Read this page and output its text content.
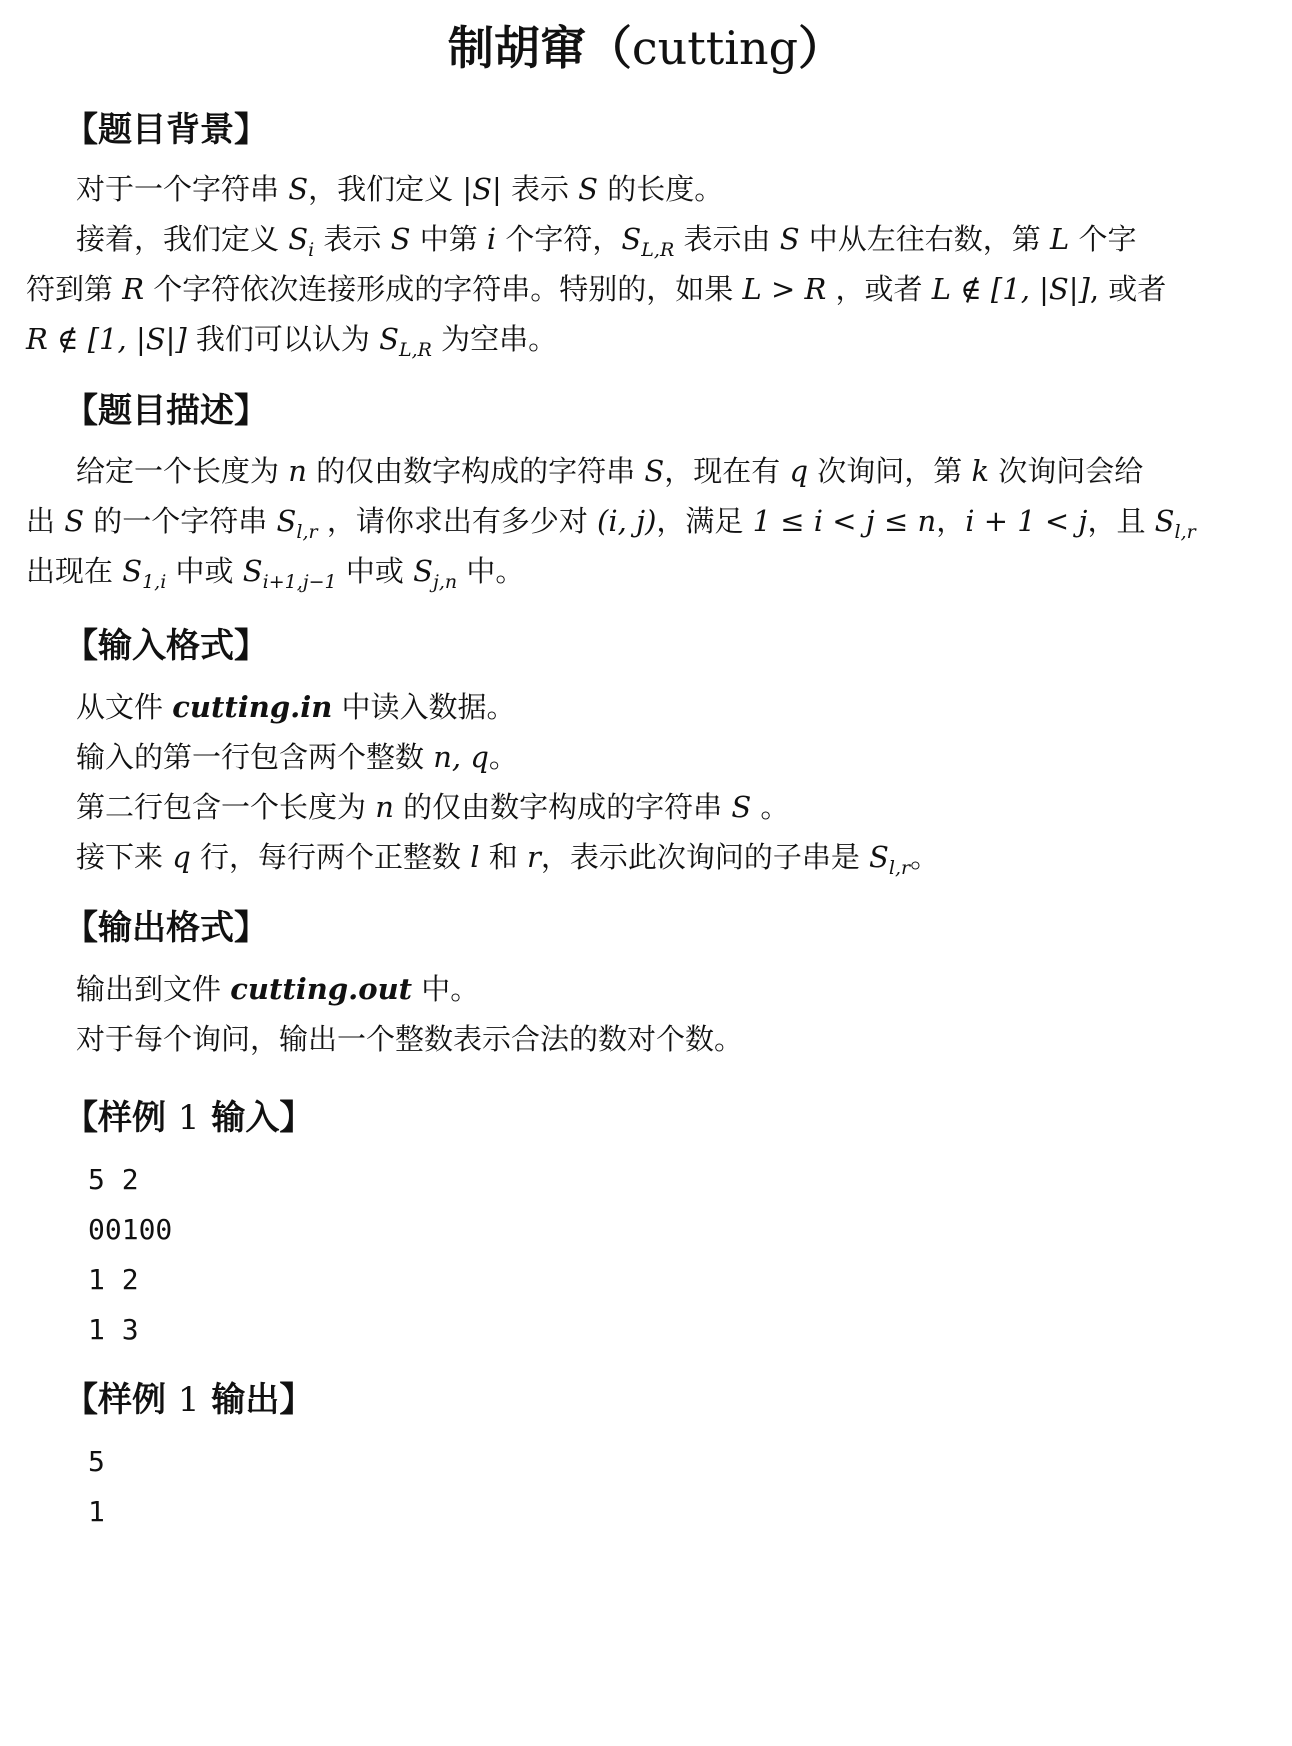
制胡窜（cutting）
【题目背景】
对于一个字符串 S，我们定义 |S| 表示 S 的长度。
接着，我们定义 $S_i$ 表示 S 中第 i 个字符，$S_{L,R}$ 表示由 S 中从左往右数，第 L 个字
符到第 R 个字符依次连接形成的字符串。特别的，如果 L > R ，或者 L ∉ [1, |S|], 或者
R ∉ [1, |S|] 我们可以认为 $S_{L,R}$ 为空串。
【题目描述】
给定一个长度为 n 的仅由数字构成的字符串 S，现在有 q 次询问，第 k 次询问会给
出 S 的一个字符串 $S_{l,r}$ ，请你求出有多少对 (i, j)，满足 1 ≤ i < j ≤ n，i + 1 < j，且 $S_{l,r}$
出现在 $S_{1,i}$ 中或 $S_{i+1,j-1}$ 中或 $S_{j,n}$ 中。
【输入格式】
从文件 cutting.in 中读入数据。
输入的第一行包含两个整数 n, q。
第二行包含一个长度为 n 的仅由数字构成的字符串 S 。
接下来 q 行，每行两个正整数 l 和 r，表示此次询问的子串是 $S_{l,r}$。
【输出格式】
输出到文件 cutting.out 中。
对于每个询问，输出一个整数表示合法的数对个数。
【样例 1 输入】
5 2
00100
1 2
1 3
【样例 1 输出】
5
1
